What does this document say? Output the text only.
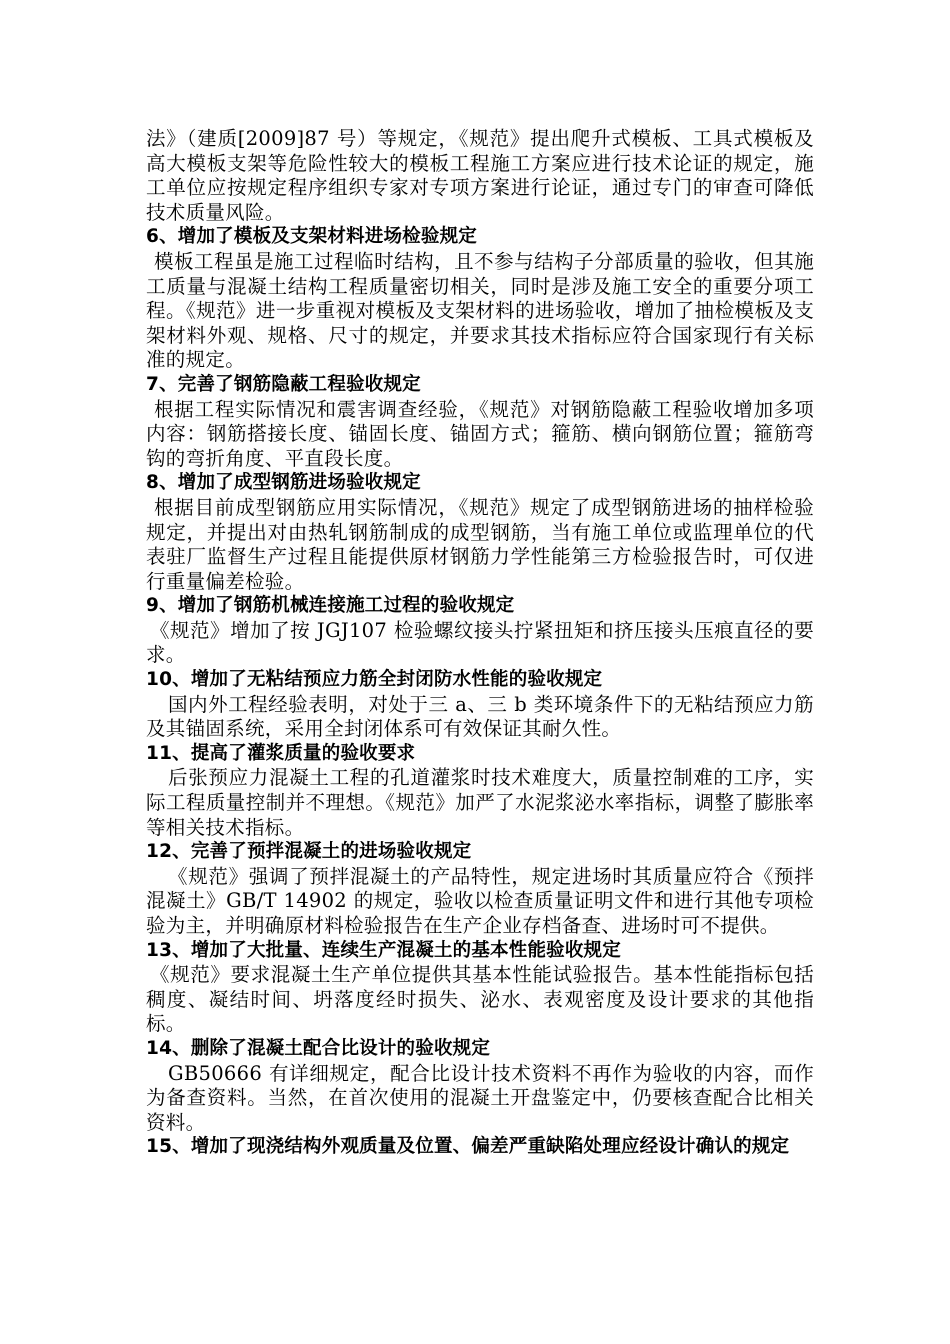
法》（建质[2009]87 号）等规定，《规范》提出爬升式模板、工具式模板及高大模板支架等危险性较大的模板工程施工方案应进行技术论证的规定，施工单位应按规定程序组织专家对专项方案进行论证，通过专门的审查可降低技术质量风险。

6、增加了模板及支架材料进场检验规定

模板工程虽是施工过程临时结构，且不参与结构子分部质量的验收，但其施工质量与混凝土结构工程质量密切相关，同时是涉及施工安全的重要分项工程。《规范》进一步重视对模板及支架材料的进场验收，增加了抽检模板及支架材料外观、规格、尺寸的规定，并要求其技术指标应符合国家现行有关标准的规定。

7、完善了钢筋隐蔽工程验收规定

根据工程实际情况和震害调查经验，《规范》对钢筋隐蔽工程验收增加多项内容：钢筋搭接长度、锚固长度、锚固方式；箍筋、横向钢筋位置；箍筋弯钩的弯折角度、平直段长度。

8、增加了成型钢筋进场验收规定

根据目前成型钢筋应用实际情况，《规范》规定了成型钢筋进场的抽样检验规定，并提出对由热轧钢筋制成的成型钢筋，当有施工单位或监理单位的代表驻厂监督生产过程且能提供原材钢筋力学性能第三方检验报告时，可仅进行重量偏差检验。

9、增加了钢筋机械连接施工过程的验收规定

《规范》增加了按 JGJ107 检验螺纹接头拧紧扭矩和挤压接头压痕直径的要求。

10、增加了无粘结预应力筋全封闭防水性能的验收规定

国内外工程经验表明，对处于三 a、三 b 类环境条件下的无粘结预应力筋及其锚固系统，采用全封闭体系可有效保证其耐久性。

11、提高了灌浆质量的验收要求

后张预应力混凝土工程的孔道灌浆时技术难度大，质量控制难的工序，实际工程质量控制并不理想。《规范》加严了水泥浆泌水率指标，调整了膨胀率等相关技术指标。

12、完善了预拌混凝土的进场验收规定

《规范》强调了预拌混凝土的产品特性，规定进场时其质量应符合《预拌混凝土》GB/T 14902 的规定，验收以检查质量证明文件和进行其他专项检验为主，并明确原材料检验报告在生产企业存档备查、进场时可不提供。

13、增加了大批量、连续生产混凝土的基本性能验收规定

《规范》要求混凝土生产单位提供其基本性能试验报告。基本性能指标包括稠度、凝结时间、坍落度经时损失、泌水、表观密度及设计要求的其他指标。

14、删除了混凝土配合比设计的验收规定

GB50666 有详细规定，配合比设计技术资料不再作为验收的内容，而作为备查资料。当然，在首次使用的混凝土开盘鉴定中，仍要核查配合比相关资料。

15、增加了现浇结构外观质量及位置、偏差严重缺陷处理应经设计确认的规定
